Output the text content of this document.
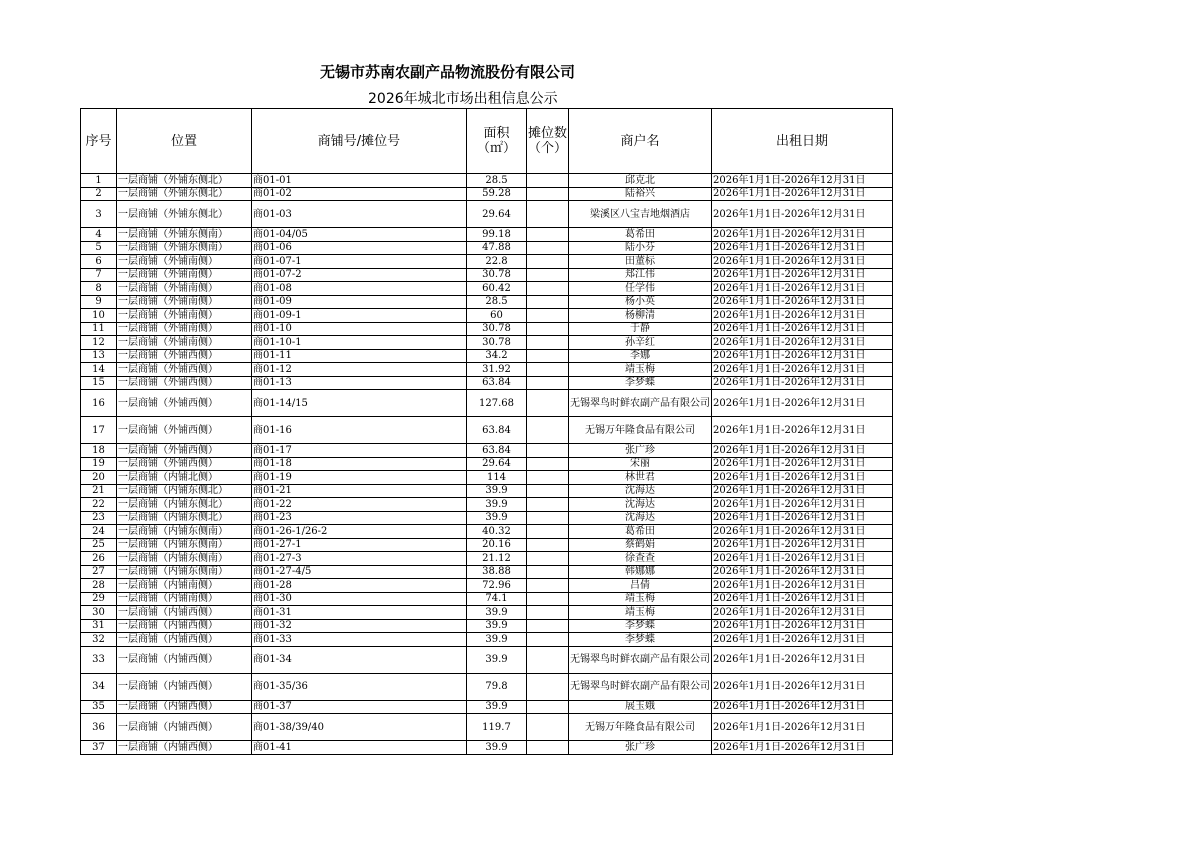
无锡市苏南农副产品物流股份有限公司
2026年城北市场出租信息公示
序号	位置	商铺号/摊位号	面积（㎡）	摊位数（个）	商户名	出租日期
1	一层商铺（外铺东侧北）	商01-01	28.5		邱克北	2026年1月1日-2026年12月31日
2	一层商铺（外铺东侧北）	商01-02	59.28		陆裕兴	2026年1月1日-2026年12月31日
3	一层商铺（外铺东侧北）	商01-03	29.64		梁溪区八宝吉地烟酒店	2026年1月1日-2026年12月31日
4	一层商铺（外铺东侧南）	商01-04/05	99.18		葛希田	2026年1月1日-2026年12月31日
5	一层商铺（外铺东侧南）	商01-06	47.88		陆小芬	2026年1月1日-2026年12月31日
6	一层商铺（外铺南侧）	商01-07-1	22.8		田董标	2026年1月1日-2026年12月31日
7	一层商铺（外铺南侧）	商01-07-2	30.78		郑江伟	2026年1月1日-2026年12月31日
8	一层商铺（外铺南侧）	商01-08	60.42		任学伟	2026年1月1日-2026年12月31日
9	一层商铺（外铺南侧）	商01-09	28.5		杨小英	2026年1月1日-2026年12月31日
10	一层商铺（外铺南侧）	商01-09-1	60		杨柳清	2026年1月1日-2026年12月31日
11	一层商铺（外铺南侧）	商01-10	30.78		于静	2026年1月1日-2026年12月31日
12	一层商铺（外铺南侧）	商01-10-1	30.78		孙辛红	2026年1月1日-2026年12月31日
13	一层商铺（外铺西侧）	商01-11	34.2		李娜	2026年1月1日-2026年12月31日
14	一层商铺（外铺西侧）	商01-12	31.92		靖玉梅	2026年1月1日-2026年12月31日
15	一层商铺（外铺西侧）	商01-13	63.84		李梦蝶	2026年1月1日-2026年12月31日
16	一层商铺（外铺西侧）	商01-14/15	127.68		无锡翠鸟时鲜农副产品有限公司	2026年1月1日-2026年12月31日
17	一层商铺（外铺西侧）	商01-16	63.84		无锡万年隆食品有限公司	2026年1月1日-2026年12月31日
18	一层商铺（外铺西侧）	商01-17	63.84		张广珍	2026年1月1日-2026年12月31日
19	一层商铺（外铺西侧）	商01-18	29.64		宋丽	2026年1月1日-2026年12月31日
20	一层商铺（内铺北侧）	商01-19	114		林世君	2026年1月1日-2026年12月31日
21	一层商铺（内铺东侧北）	商01-21	39.9		沈海达	2026年1月1日-2026年12月31日
22	一层商铺（内铺东侧北）	商01-22	39.9		沈海达	2026年1月1日-2026年12月31日
23	一层商铺（内铺东侧北）	商01-23	39.9		沈海达	2026年1月1日-2026年12月31日
24	一层商铺（内铺东侧南）	商01-26-1/26-2	40.32		葛希田	2026年1月1日-2026年12月31日
25	一层商铺（内铺东侧南）	商01-27-1	20.16		蔡鹤娟	2026年1月1日-2026年12月31日
26	一层商铺（内铺东侧南）	商01-27-3	21.12		徐查查	2026年1月1日-2026年12月31日
27	一层商铺（内铺东侧南）	商01-27-4/5	38.88		韩娜娜	2026年1月1日-2026年12月31日
28	一层商铺（内铺南侧）	商01-28	72.96		吕倩	2026年1月1日-2026年12月31日
29	一层商铺（内铺南侧）	商01-30	74.1		靖玉梅	2026年1月1日-2026年12月31日
30	一层商铺（内铺西侧）	商01-31	39.9		靖玉梅	2026年1月1日-2026年12月31日
31	一层商铺（内铺西侧）	商01-32	39.9		李梦蝶	2026年1月1日-2026年12月31日
32	一层商铺（内铺西侧）	商01-33	39.9		李梦蝶	2026年1月1日-2026年12月31日
33	一层商铺（内铺西侧）	商01-34	39.9		无锡翠鸟时鲜农副产品有限公司	2026年1月1日-2026年12月31日
34	一层商铺（内铺西侧）	商01-35/36	79.8		无锡翠鸟时鲜农副产品有限公司	2026年1月1日-2026年12月31日
35	一层商铺（内铺西侧）	商01-37	39.9		展玉娥	2026年1月1日-2026年12月31日
36	一层商铺（内铺西侧）	商01-38/39/40	119.7		无锡万年隆食品有限公司	2026年1月1日-2026年12月31日
37	一层商铺（内铺西侧）	商01-41	39.9		张广珍	2026年1月1日-2026年12月31日
